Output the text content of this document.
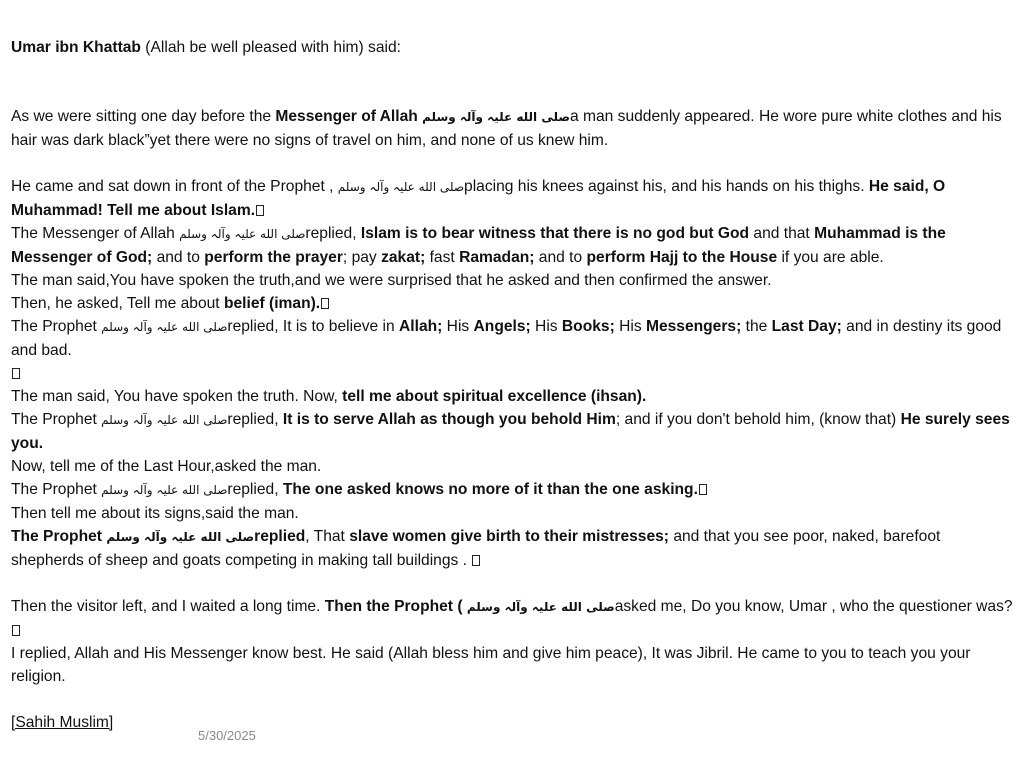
Umar ibn Khattab (Allah be well pleased with him) said:

As we were sitting one day before the Messenger of Allah صلى الله عليہ وآلہ وسلمa man suddenly appeared. He wore pure white clothes and his hair was dark black”yet there were no signs of travel on him, and none of us knew him.

He came and sat down in front of the Prophet , صلى الله عليہ وآلہ وسلمplacing his knees against his, and his hands on his thighs. He said, O Muhammad! Tell me about Islam.

The Messenger of Allah صلى الله عليہ وآلہ وسلمreplied, Islam is to bear witness that there is no god but God and that Muhammad is the Messenger of God; and to perform the prayer; pay zakat; fast Ramadan; and to perform Hajj to the House if you are able.

The man said,You have spoken the truth,and we were surprised that he asked and then confirmed the answer.

Then, he asked, Tell me about belief (iman).

The Prophet صلى الله عليہ وآلہ وسلمreplied, It is to believe in Allah; His Angels; His Books; His Messengers; the Last Day; and in destiny its good and bad.

The man said, You have spoken the truth. Now, tell me about spiritual excellence (ihsan).

The Prophet صلى الله عليہ وآلہ وسلمreplied, It is to serve Allah as though you behold Him; and if you don't behold him, (know that) He surely sees you.

Now, tell me of the Last Hour,asked the man.

The Prophet صلى الله عليہ وآلہ وسلمreplied, The one asked knows no more of it than the one asking.

Then tell me about its signs,said the man.

The Prophet صلى الله عليہ وآلہ وسلمreplied, That slave women give birth to their mistresses; and that you see poor, naked, barefoot shepherds of sheep and goats competing in making tall buildings .

Then the visitor left, and I waited a long time. Then the Prophet ( صلى الله عليہ وآلہ وسلمasked me, Do you know, Umar , who the questioner was?

I replied, Allah and His Messenger know best. He said (Allah bless him and give him peace), It was Jibril. He came to you to teach you your religion.

[Sahih Muslim]

5/30/2025
